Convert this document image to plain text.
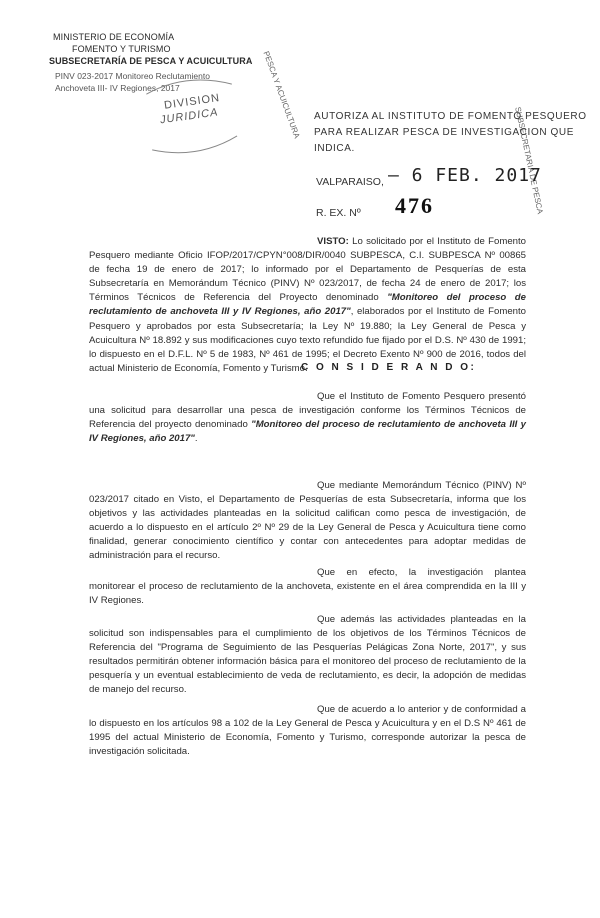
MINISTERIO DE ECONOMÍA
FOMENTO Y TURISMO
SUBSECRETARÍA DE PESCA Y ACUICULTURA
PINV 023-2017 Monitoreo Reclutamiento
Anchoveta III- IV Regiones, 2017
DIVISION
JURIDICA	PESCA Y ACUICULTURA
SUBSECRETARIA DE PESCA
AUTORIZA AL INSTITUTO DE FOMENTO PESQUERO
PARA REALIZAR PESCA DE INVESTIGACION QUE
INDICA.
VALPARAISO, – 6 FEB. 2017
R. EX. Nº 476
VISTO: Lo solicitado por el Instituto de Fomento Pesquero mediante Oficio IFOP/2017/CPYN°008/DIR/0040 SUBPESCA, C.I. SUBPESCA Nº 00865 de fecha 19 de enero de 2017; lo informado por el Departamento de Pesquerías de esta Subsecretaría en Memorándum Técnico (PINV) Nº 023/2017, de fecha 24 de enero de 2017; los Términos Técnicos de Referencia del Proyecto denominado "Monitoreo del proceso de reclutamiento de anchoveta III y IV Regiones, año 2017", elaborados por el Instituto de Fomento Pesquero y aprobados por esta Subsecretaría; la Ley Nº 19.880; la Ley General de Pesca y Acuicultura Nº 18.892 y sus modificaciones cuyo texto refundido fue fijado por el D.S. Nº 430 de 1991; lo dispuesto en el D.F.L. Nº 5 de 1983, Nº 461 de 1995; el Decreto Exento Nº 900 de 2016, todos del actual Ministerio de Economía, Fomento y Turismo.
C O N S I D E R A N D O:
Que el Instituto de Fomento Pesquero presentó una solicitud para desarrollar una pesca de investigación conforme los Términos Técnicos de Referencia del proyecto denominado "Monitoreo del proceso de reclutamiento de anchoveta III y IV Regiones, año 2017".
Que mediante Memorándum Técnico (PINV) Nº 023/2017 citado en Visto, el Departamento de Pesquerías de esta Subsecretaría, informa que los objetivos y las actividades planteadas en la solicitud califican como pesca de investigación, de acuerdo a lo dispuesto en el artículo 2º Nº 29 de la Ley General de Pesca y Acuicultura tiene como finalidad, generar conocimiento científico y contar con antecedentes para adoptar medidas de administración para el recurso.
Que en efecto, la investigación plantea monitorear el proceso de reclutamiento de la anchoveta, existente en el área comprendida en la III y IV Regiones.
Que además las actividades planteadas en la solicitud son indispensables para el cumplimiento de los objetivos de los Términos Técnicos de Referencia del "Programa de Seguimiento de las Pesquerías Pelágicas Zona Norte, 2017", y sus resultados permitirán obtener información básica para el monitoreo del proceso de reclutamiento de la pesquería y un eventual establecimiento de veda de reclutamiento, es decir, la adopción de medidas de manejo del recurso.
Que de acuerdo a lo anterior y de conformidad a lo dispuesto en los artículos 98 a 102 de la Ley General de Pesca y Acuicultura y en el D.S Nº 461 de 1995 del actual Ministerio de Economía, Fomento y Turismo, corresponde autorizar la pesca de investigación solicitada.
